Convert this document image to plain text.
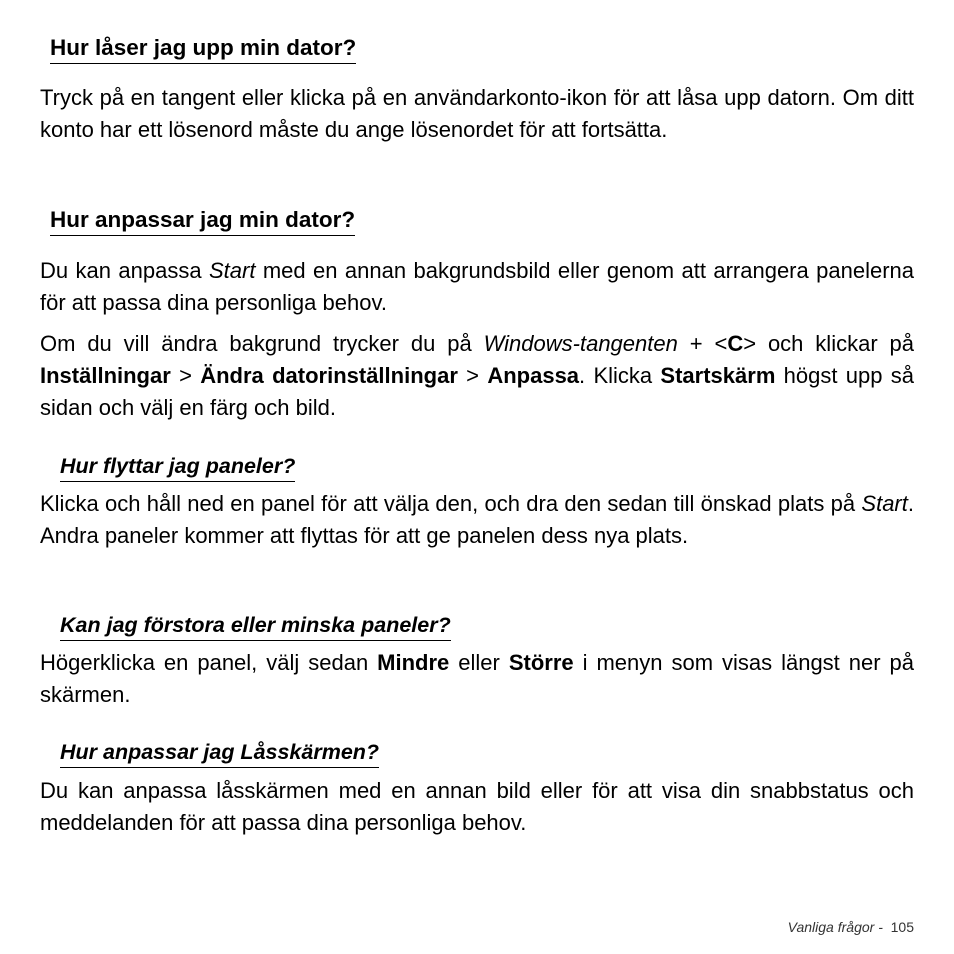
Hur låser jag upp min dator?

Tryck på en tangent eller klicka på en användarkonto-ikon för att låsa upp datorn. Om ditt konto har ett lösenord måste du ange lösenordet för att fortsätta.

Hur anpassar jag min dator?

Du kan anpassa Start med en annan bakgrundsbild eller genom att arrangera panelerna för att passa dina personliga behov.

Om du vill ändra bakgrund trycker du på Windows-tangenten + <C> och klickar på Inställningar > Ändra datorinställningar > Anpassa. Klicka Startskärm högst upp så sidan och välj en färg och bild.

Hur flyttar jag paneler?

Klicka och håll ned en panel för att välja den, och dra den sedan till önskad plats på Start. Andra paneler kommer att flyttas för att ge panelen dess nya plats.

Kan jag förstora eller minska paneler?

Högerklicka en panel, välj sedan Mindre eller Större i menyn som visas längst ner på skärmen.

Hur anpassar jag Låsskärmen?

Du kan anpassa låsskärmen med en annan bild eller för att visa din snabbstatus och meddelanden för att passa dina personliga behov.

Vanliga frågor -  105
